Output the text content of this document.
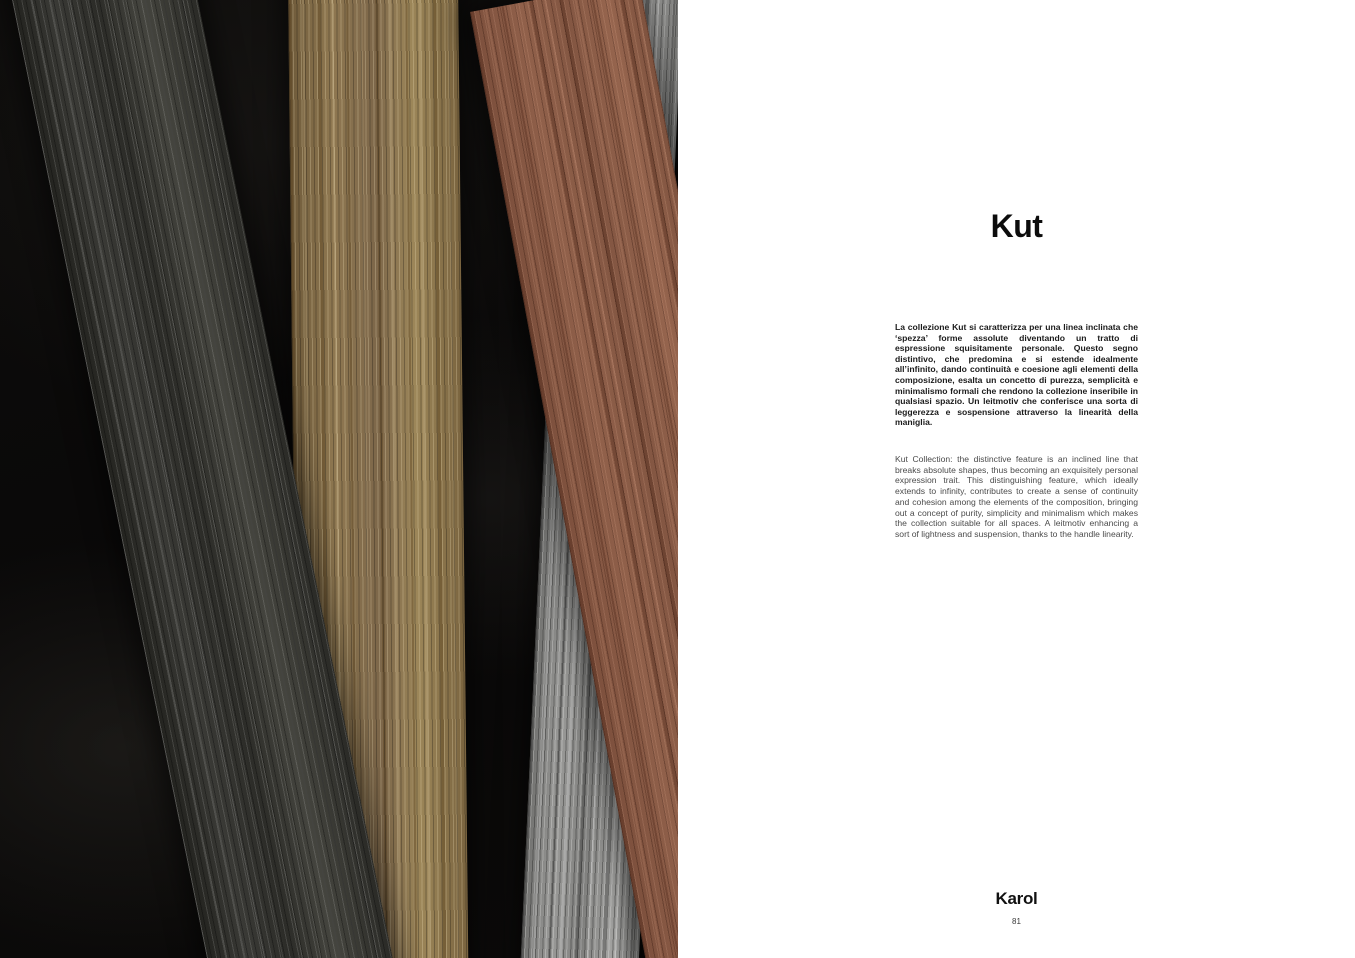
Kut

La collezione Kut si caratterizza per una linea inclinata che ‘spezza’ forme assolute diventando un tratto di espressione squisitamente personale. Questo segno distintivo, che predomina e si estende idealmente all’infinito, dando continuità e coesione agli elementi della composizione, esalta un concetto di purezza, semplicità e minimalismo formali che rendono la collezione inseribile in qualsiasi spazio. Un leitmotiv che conferisce una sorta di leggerezza e sospensione attraverso la linearità della maniglia.

Kut Collection: the distinctive feature is an inclined line that breaks absolute shapes, thus becoming an exquisitely personal expression trait. This distinguishing feature, which ideally extends to infinity, contributes to create a sense of continuity and cohesion among the elements of the composition, bringing out a concept of purity, simplicity and minimalism which makes the collection suitable for all spaces. A leitmotiv enhancing a sort of lightness and suspension, thanks to the handle linearity.

Karol
81
